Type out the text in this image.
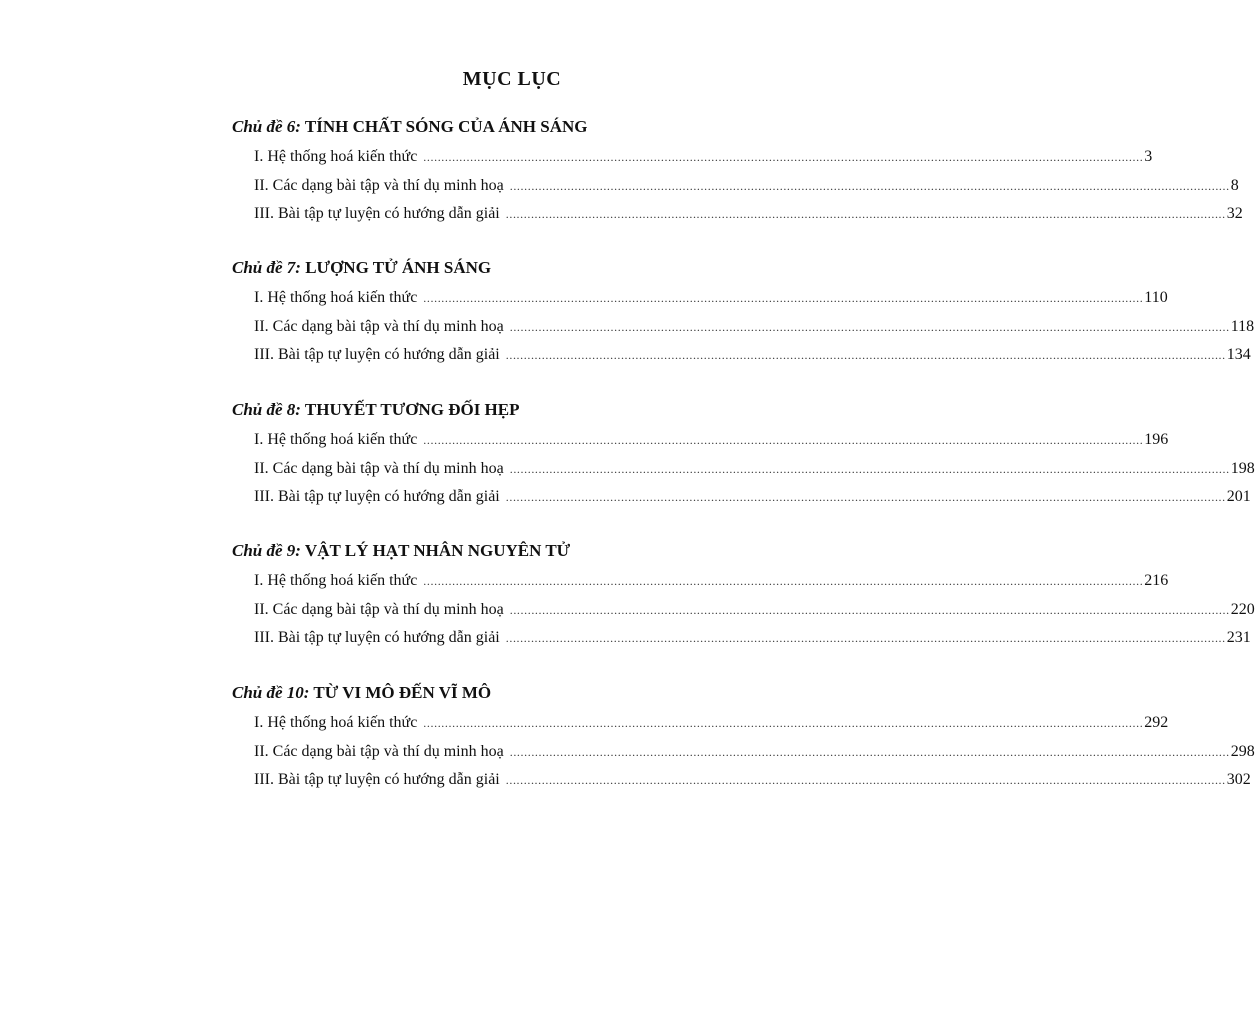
MỤC LỤC
Chủ đề 6: TÍNH CHẤT SÓNG CỦA ÁNH SÁNG
I. Hệ thống hoá kiến thức ........................................................................................................................................................................................................ 3
II. Các dạng bài tập và thí dụ minh hoạ ........................................................................................................................................................................................................ 8
III. Bài tập tự luyện có hướng dẫn giải ........................................................................................................................................................................................................ 32
Chủ đề 7: LƯỢNG TỬ ÁNH SÁNG
I. Hệ thống hoá kiến thức ........................................................................................................................................................................................................ 110
II. Các dạng bài tập và thí dụ minh hoạ ........................................................................................................................................................................................................ 118
III. Bài tập tự luyện có hướng dẫn giải ........................................................................................................................................................................................................ 134
Chủ đề 8: THUYẾT TƯƠNG ĐỐI HẸP
I. Hệ thống hoá kiến thức ........................................................................................................................................................................................................ 196
II. Các dạng bài tập và thí dụ minh hoạ ........................................................................................................................................................................................................ 198
III. Bài tập tự luyện có hướng dẫn giải ........................................................................................................................................................................................................ 201
Chủ đề 9: VẬT LÝ HẠT NHÂN NGUYÊN TỬ
I. Hệ thống hoá kiến thức ........................................................................................................................................................................................................ 216
II. Các dạng bài tập và thí dụ minh hoạ ........................................................................................................................................................................................................ 220
III. Bài tập tự luyện có hướng dẫn giải ........................................................................................................................................................................................................ 231
Chủ đề 10: TỪ VI MÔ ĐẾN VĨ MÔ
I. Hệ thống hoá kiến thức ........................................................................................................................................................................................................ 292
II. Các dạng bài tập và thí dụ minh hoạ ........................................................................................................................................................................................................ 298
III. Bài tập tự luyện có hướng dẫn giải ........................................................................................................................................................................................................ 302
